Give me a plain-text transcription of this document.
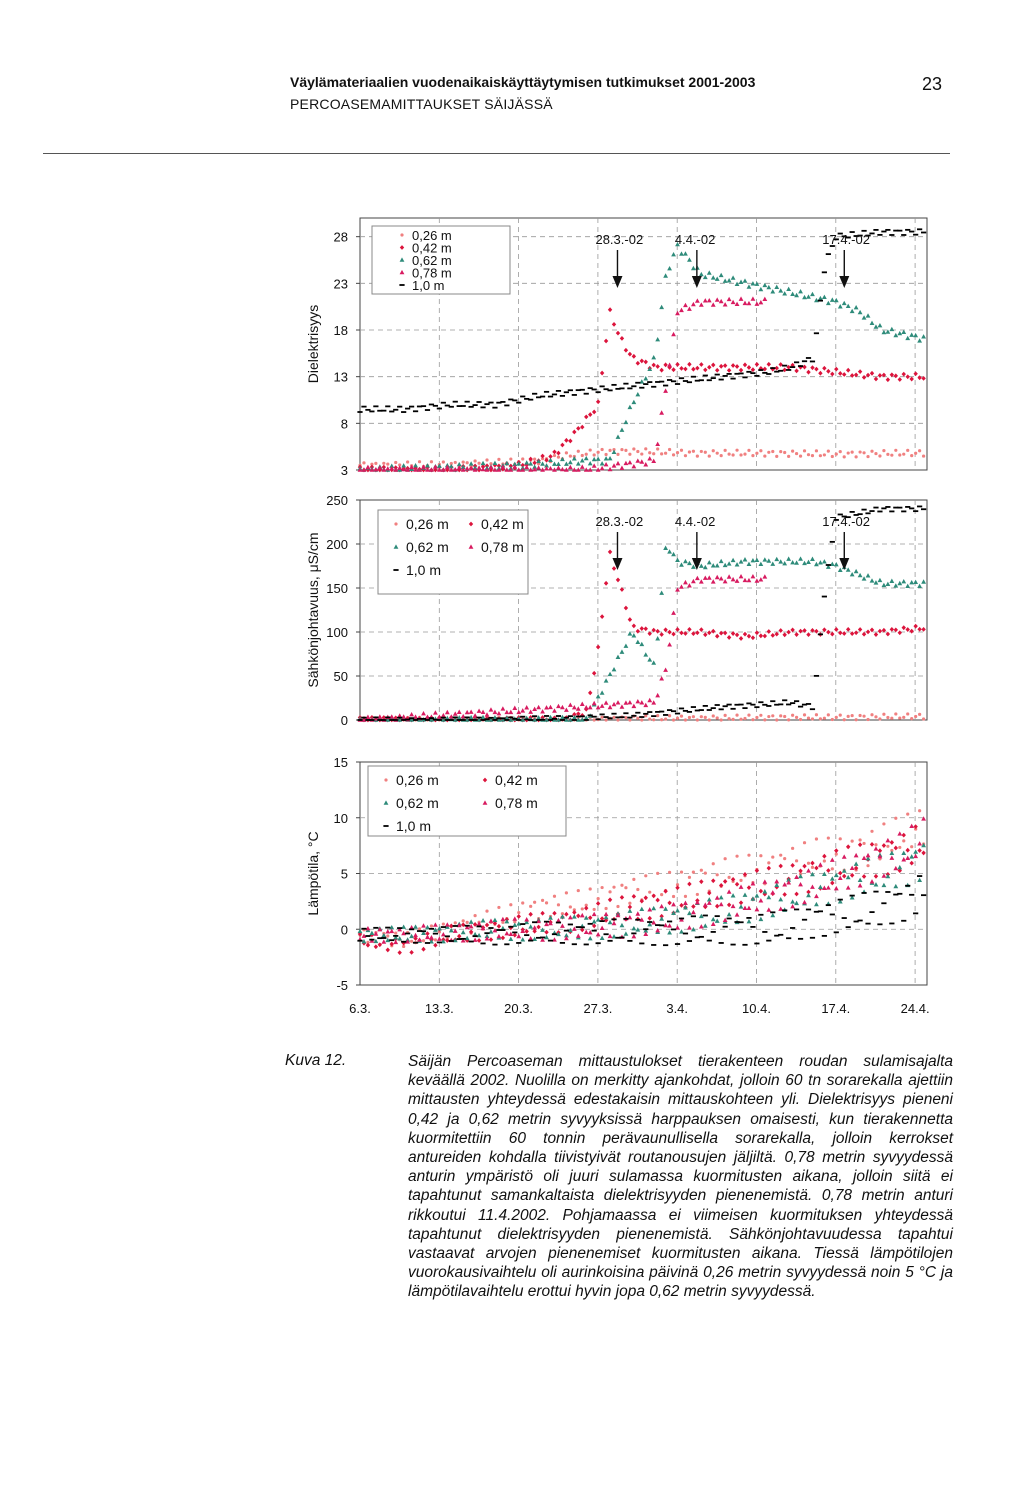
Väylämateriaalien vuodenaikaiskäyttäytymisen tutkimukset 2001-2003
PERCOASEMAMITTAUKSET SÄIJÄSSÄ
23
3
8
13
18
23
28
Dielektrisyys
28.3.-02 4.4.-02	17.4.-02
0,26 m
0,42 m
0,62 m
0,78 m
1,0 m
0
50
100
150
200
250
Sähkönjohtavuus, μS/cm
28.3.-02 4.4.-02	17.4.-02
0,26 m 0,42 m
0,62 m 0,78 m
1,0 m
-5
0
5
10
15
Lämpötila, °C
6.3.	13.3.	20.3.	27.3.	3.4.	10.4.	17.4.	24.4.
0,26 m	0,42 m
0,62 m	0,78 m
1,0 m
Kuva 12.	Säijän Percoaseman mittaustulokset tierakenteen roudan sulamisajalta keväällä 2002. Nuolilla on merkitty ajankohdat, jolloin 60 tn sorarekalla ajettiin mittausten yhteydessä edestakaisin mittauskohteen yli. Dielektrisyys pieneni 0,42 ja 0,62 metrin syvyyksissä harppauksen omaisesti, kun tierakennetta kuormitettiin 60 tonnin perävaunullisella sorarekalla, jolloin kerrokset antureiden kohdalla tiivistyivät routanousujen jäljiltä. 0,78 metrin syvyydessä anturin ympäristö oli juuri sulamassa kuormitusten aikana, jolloin siitä ei tapahtunut samankaltaista dielektrisyyden pienenemistä. 0,78 metrin anturi rikkoutui 11.4.2002. Pohjamaassa ei viimeisen kuormituksen yhteydessä tapahtunut dielektrisyyden pienenemistä. Sähkönjohtavuudessa tapahtui vastaavat arvojen pienenemiset kuormitusten aikana. Tiessä lämpötilojen vuorokausivaihtelu oli aurinkoisina päivinä 0,26 metrin syvyydessä noin 5 °C ja lämpötilavaihtelu erottui hyvin jopa 0,62 metrin syvyydessä.
